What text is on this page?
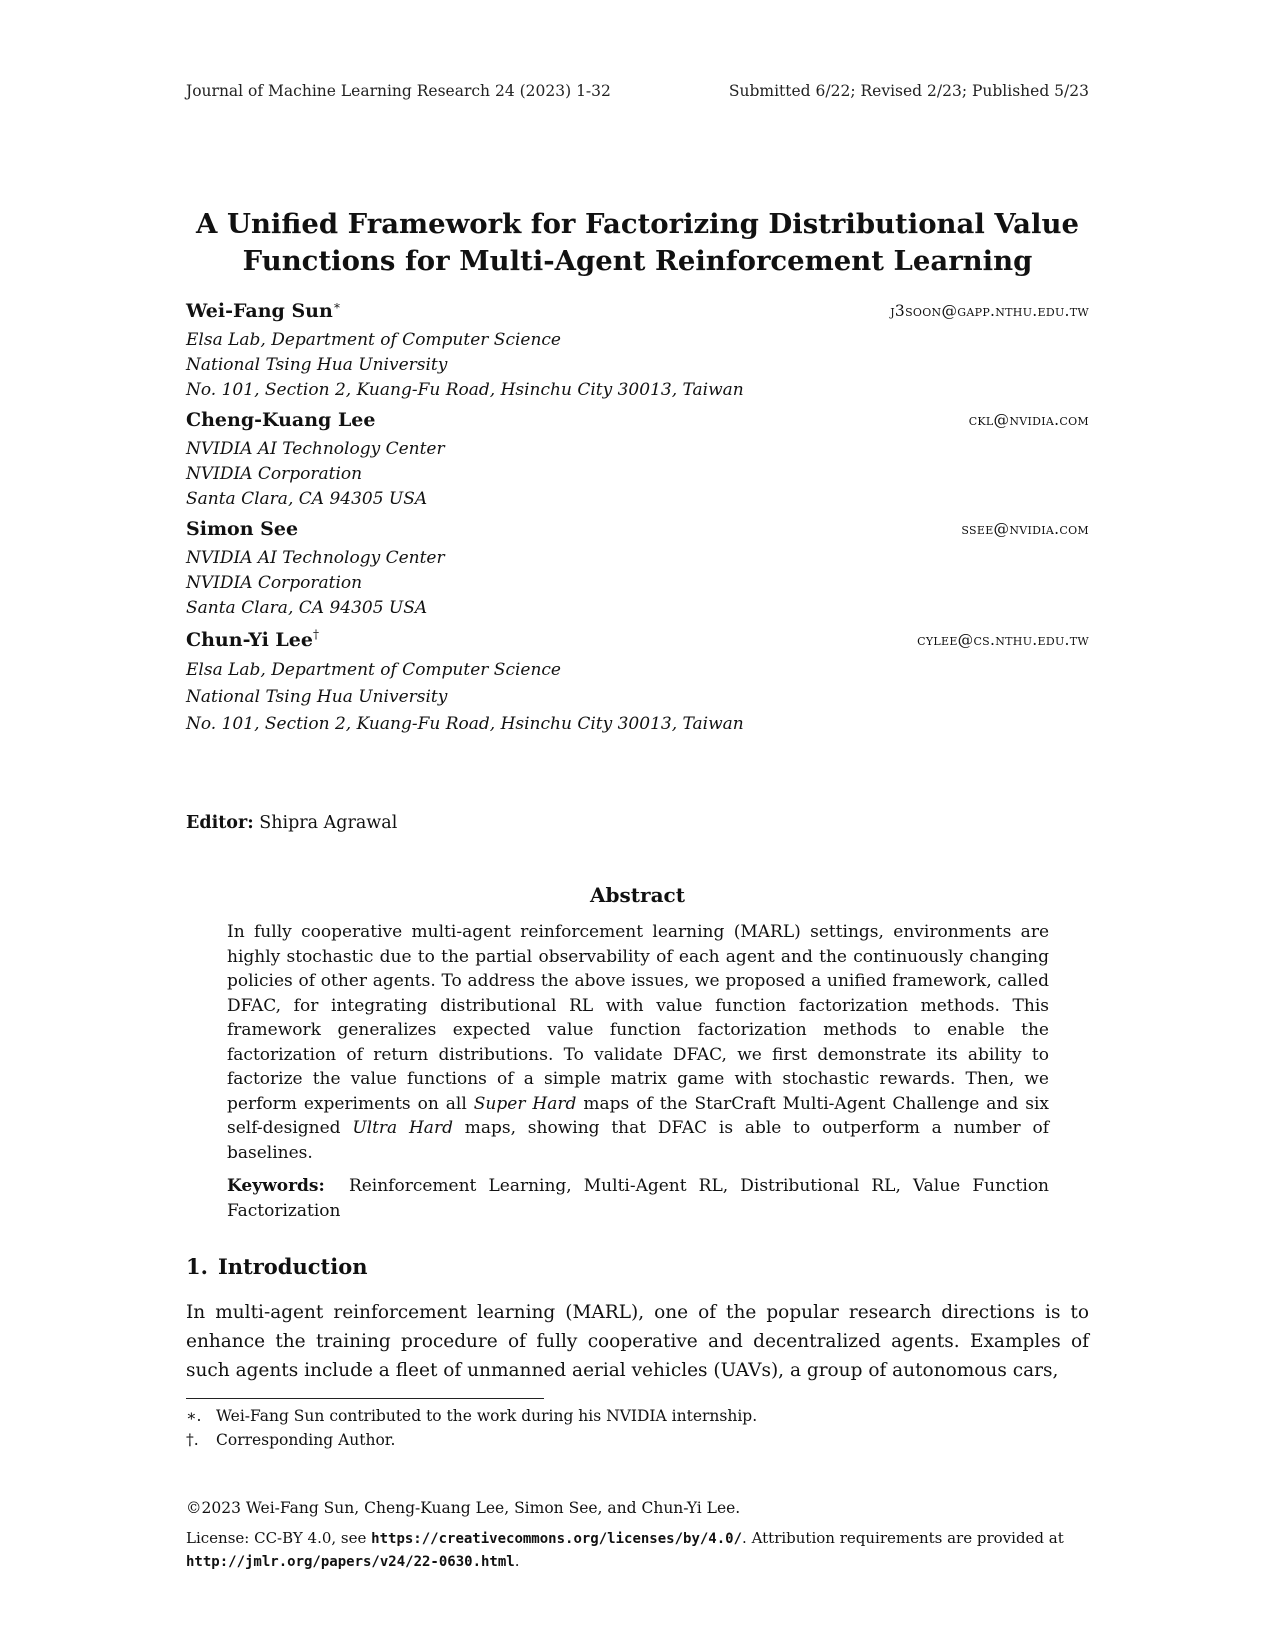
Journal of Machine Learning Research 24 (2023) 1-32	Submitted 6/22; Revised 2/23; Published 5/23
A Unified Framework for Factorizing Distributional Value
Functions for Multi-Agent Reinforcement Learning
Wei-Fang Sun∗	j3soon@gapp.nthu.edu.tw
Elsa Lab, Department of Computer Science
National Tsing Hua University
No. 101, Section 2, Kuang-Fu Road, Hsinchu City 30013, Taiwan
Cheng-Kuang Lee	ckl@nvidia.com
NVIDIA AI Technology Center
NVIDIA Corporation
Santa Clara, CA 94305 USA
Simon See	ssee@nvidia.com
NVIDIA AI Technology Center
NVIDIA Corporation
Santa Clara, CA 94305 USA
Chun-Yi Lee†	cylee@cs.nthu.edu.tw
Elsa Lab, Department of Computer Science
National Tsing Hua University
No. 101, Section 2, Kuang-Fu Road, Hsinchu City 30013, Taiwan
Editor: Shipra Agrawal
Abstract
In fully cooperative multi-agent reinforcement learning (MARL) settings, environments are highly stochastic due to the partial observability of each agent and the continuously changing policies of other agents. To address the above issues, we proposed a unified framework, called DFAC, for integrating distributional RL with value function factorization methods. This framework generalizes expected value function factorization methods to enable the factorization of return distributions. To validate DFAC, we first demonstrate its ability to factorize the value functions of a simple matrix game with stochastic rewards. Then, we perform experiments on all Super Hard maps of the StarCraft Multi-Agent Challenge and six self-designed Ultra Hard maps, showing that DFAC is able to outperform a number of baselines.
Keywords: Reinforcement Learning, Multi-Agent RL, Distributional RL, Value Function Factorization
1. Introduction
In multi-agent reinforcement learning (MARL), one of the popular research directions is to enhance the training procedure of fully cooperative and decentralized agents. Examples of such agents include a fleet of unmanned aerial vehicles (UAVs), a group of autonomous cars,
∗. Wei-Fang Sun contributed to the work during his NVIDIA internship.
†. Corresponding Author.
©2023 Wei-Fang Sun, Cheng-Kuang Lee, Simon See, and Chun-Yi Lee.
License: CC-BY 4.0, see https://creativecommons.org/licenses/by/4.0/. Attribution requirements are provided at http://jmlr.org/papers/v24/22-0630.html.
